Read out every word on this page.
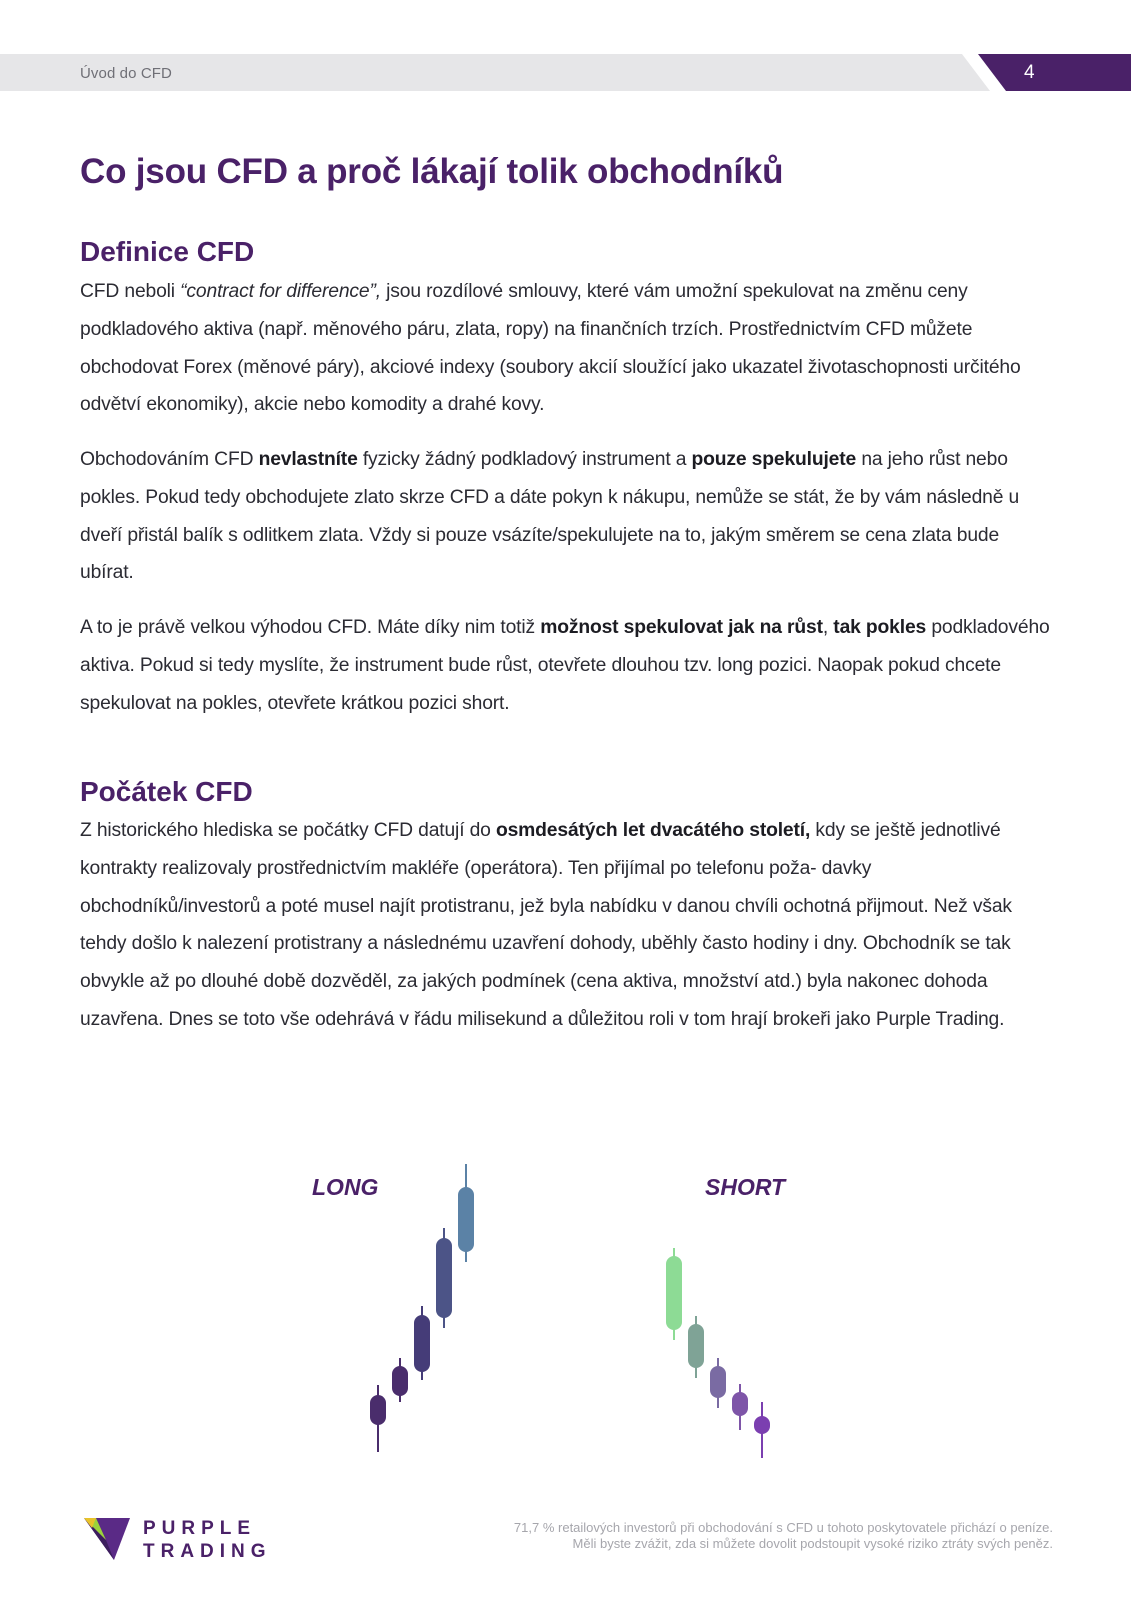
Úvod do CFD	4
Co jsou CFD a proč lákají tolik obchodníků
Definice CFD

CFD neboli “contract for difference”, jsou rozdílové smlouvy, které vám umožní spekulovat na změnu ceny podkladového aktiva (např. měnového páru, zlata, ropy) na finančních trzích. Prostřednictvím CFD můžete obchodovat Forex (měnové páry), akciové indexy (soubory akcií sloužící jako ukazatel životaschopnosti určitého odvětví ekonomiky), akcie nebo komodity a drahé kovy.

Obchodováním CFD nevlastníte fyzicky žádný podkladový instrument a pouze spekulujete na jeho růst nebo pokles. Pokud tedy obchodujete zlato skrze CFD a dáte pokyn k nákupu, nemůže se stát, že by vám následně u dveří přistál balík s odlitkem zlata. Vždy si pouze vsázíte/spekulujete na to, jakým směrem se cena zlata bude ubírat.

A to je právě velkou výhodou CFD. Máte díky nim totiž možnost spekulovat jak na růst, tak pokles podkladového aktiva. Pokud si tedy myslíte, že instrument bude růst, otevřete dlouhou tzv. long pozici. Naopak pokud chcete spekulovat na pokles, otevřete krátkou pozici short.

Počátek CFD

Z historického hlediska se počátky CFD datují do osmdesátých let dvacátého století, kdy se ještě jednotlivé kontrakty realizovaly prostřednictvím makléře (operátora). Ten přijímal po telefonu poža- davky obchodníků/investorů a poté musel najít protistranu, jež byla nabídku v danou chvíli ochotná přijmout. Než však tehdy došlo k nalezení protistrany a následnému uzavření dohody, uběhly často hodiny i dny. Obchodník se tak obvykle až po dlouhé době dozvěděl, za jakých podmínek (cena aktiva, množství atd.) byla nakonec dohoda uzavřena. Dnes se toto vše odehrává v řádu milisekund a důležitou roli v tom hrají brokeři jako Purple Trading.

LONG	SHORT
PURPLE
TRADING
71,7 % retailových investorů při obchodování s CFD u tohoto poskytovatele přichází o peníze.
Měli byste zvážit, zda si můžete dovolit podstoupit vysoké riziko ztráty svých peněz.
